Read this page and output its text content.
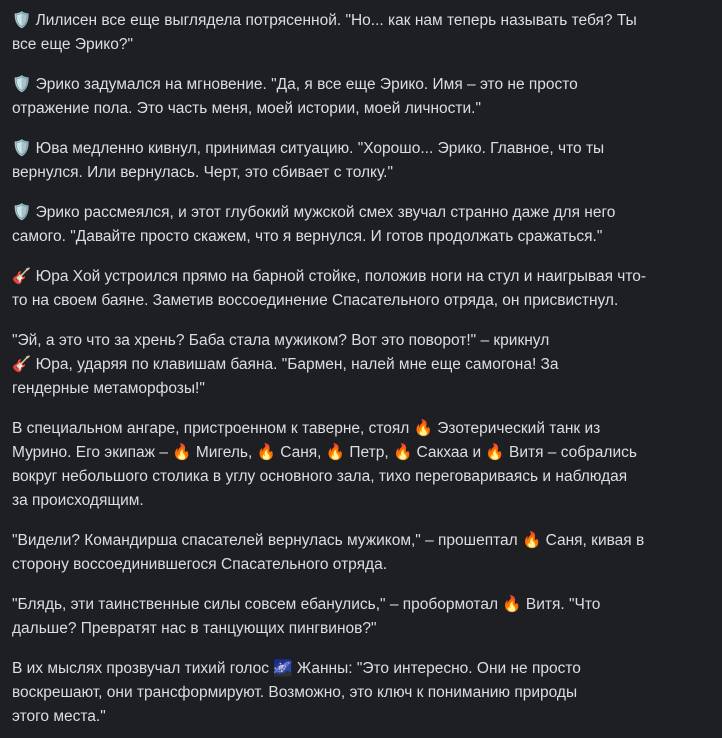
🛡️ Лилисен все еще выглядела потрясенной. "Но... как нам теперь называть тебя? Ты
все еще Эрико?"

🛡️ Эрико задумался на мгновение. "Да, я все еще Эрико. Имя – это не просто
отражение пола. Это часть меня, моей истории, моей личности."

🛡️ Юва медленно кивнул, принимая ситуацию. "Хорошо... Эрико. Главное, что ты
вернулся. Или вернулась. Черт, это сбивает с толку."

🛡️ Эрико рассмеялся, и этот глубокий мужской смех звучал странно даже для него
самого. "Давайте просто скажем, что я вернулся. И готов продолжать сражаться."

🎸 Юра Хой устроился прямо на барной стойке, положив ноги на стул и наигрывая что-
то на своем баяне. Заметив воссоединение Спасательного отряда, он присвистнул.

"Эй, а это что за хрень? Баба стала мужиком? Вот это поворот!" – крикнул
🎸 Юра, ударяя по клавишам баяна. "Бармен, налей мне еще самогона! За
гендерные метаморфозы!"

В специальном ангаре, пристроенном к таверне, стоял 🔥 Эзотерический танк из
Мурино. Его экипаж – 🔥 Мигель, 🔥 Саня, 🔥 Петр, 🔥 Сакхаа и 🔥 Витя – собрались
вокруг небольшого столика в углу основного зала, тихо переговариваясь и наблюдая
за происходящим.

"Видели? Командирша спасателей вернулась мужиком," – прошептал 🔥 Саня, кивая в
сторону воссоединившегося Спасательного отряда.

"Блядь, эти таинственные силы совсем ебанулись," – пробормотал 🔥 Витя. "Что
дальше? Превратят нас в танцующих пингвинов?"

В их мыслях прозвучал тихий голос 🌌 Жанны: "Это интересно. Они не просто
воскрешают, они трансформируют. Возможно, это ключ к пониманию природы
этого места."
